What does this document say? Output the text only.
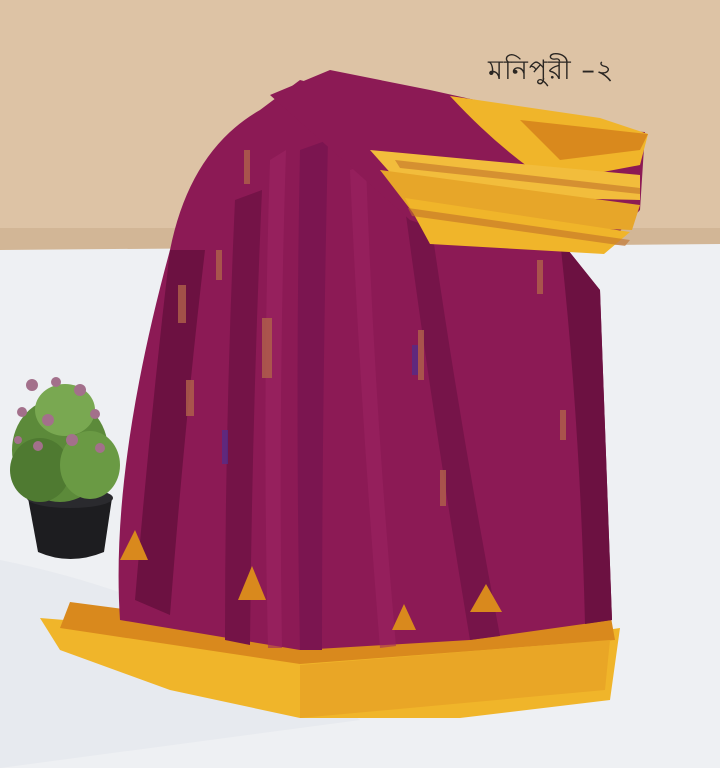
মনিপুরী –২
